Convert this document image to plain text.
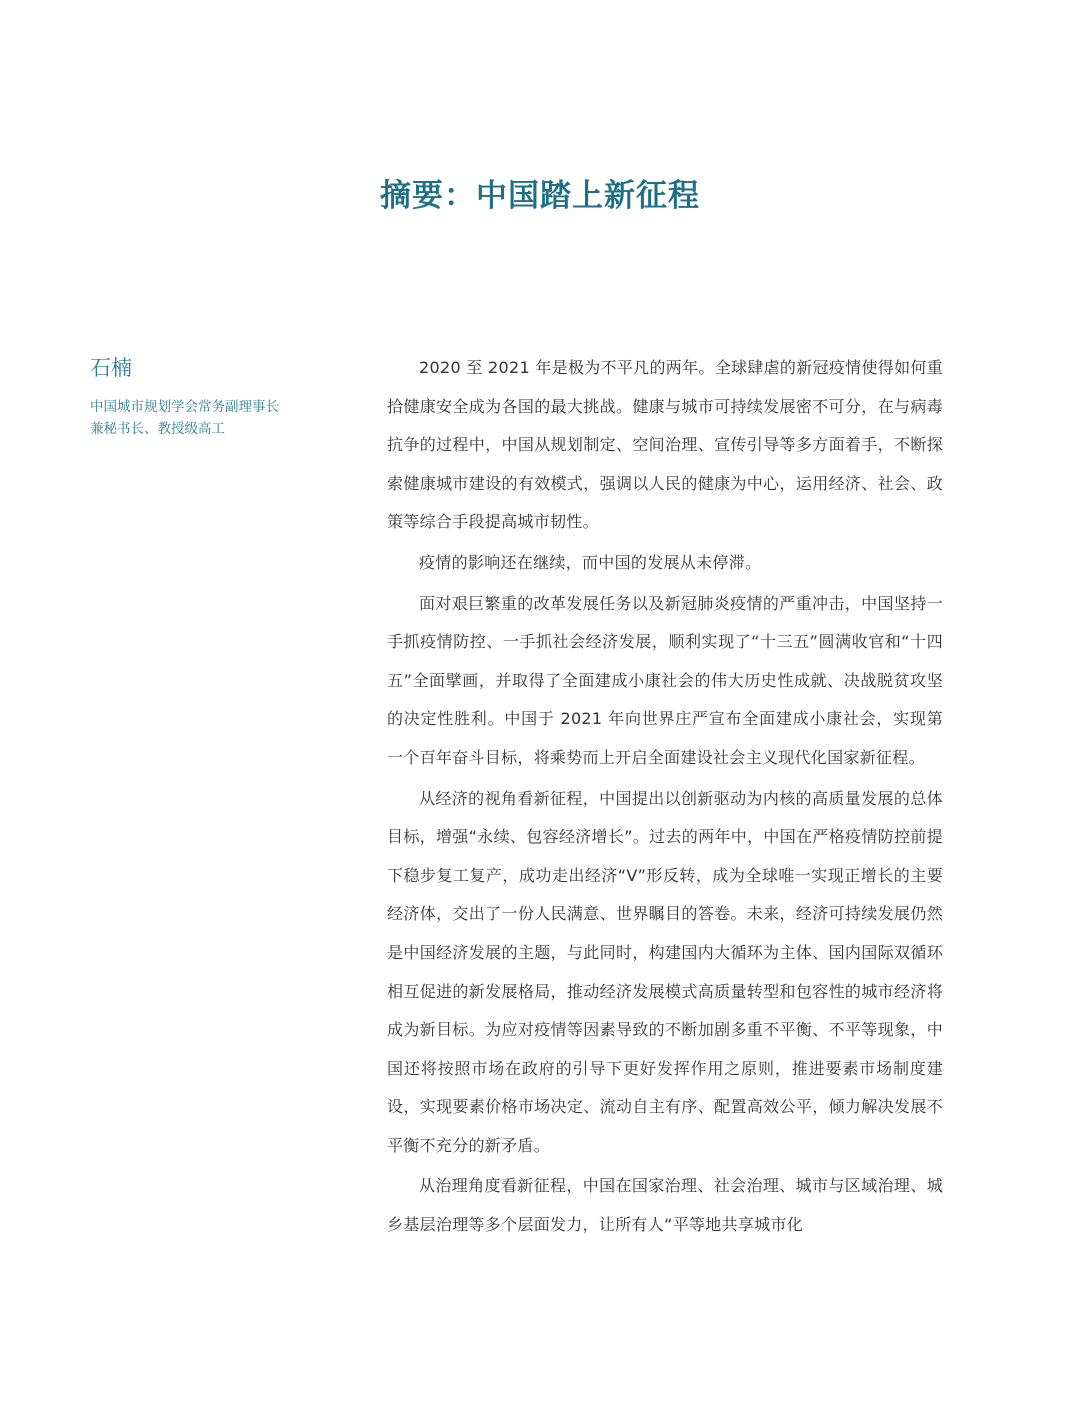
摘要：中国踏上新征程

石楠

中国城市规划学会常务副理事长兼秘书长、教授级高工

2020 至 2021 年是极为不平凡的两年。全球肆虐的新冠疫情使得如何重拾健康安全成为各国的最大挑战。健康与城市可持续发展密不可分，在与病毒抗争的过程中，中国从规划制定、空间治理、宣传引导等多方面着手，不断探索健康城市建设的有效模式，强调以人民的健康为中心，运用经济、社会、政策等综合手段提高城市韧性。

疫情的影响还在继续，而中国的发展从未停滞。

面对艰巨繁重的改革发展任务以及新冠肺炎疫情的严重冲击，中国坚持一手抓疫情防控、一手抓社会经济发展，顺利实现了“十三五”圆满收官和“十四五”全面擘画，并取得了全面建成小康社会的伟大历史性成就、决战脱贫攻坚的决定性胜利。中国于 2021 年向世界庄严宣布全面建成小康社会，实现第一个百年奋斗目标，将乘势而上开启全面建设社会主义现代化国家新征程。

从经济的视角看新征程，中国提出以创新驱动为内核的高质量发展的总体目标，增强“永续、包容经济增长”。过去的两年中，中国在严格疫情防控前提下稳步复工复产，成功走出经济“V”形反转，成为全球唯一实现正增长的主要经济体，交出了一份人民满意、世界瞩目的答卷。未来，经济可持续发展仍然是中国经济发展的主题，与此同时，构建国内大循环为主体、国内国际双循环相互促进的新发展格局，推动经济发展模式高质量转型和包容性的城市经济将成为新目标。为应对疫情等因素导致的不断加剧多重不平衡、不平等现象，中国还将按照市场在政府的引导下更好发挥作用之原则，推进要素市场制度建设，实现要素价格市场决定、流动自主有序、配置高效公平，倾力解决发展不平衡不充分的新矛盾。

从治理角度看新征程，中国在国家治理、社会治理、城市与区域治理、城乡基层治理等多个层面发力，让所有人“平等地共享城市化
